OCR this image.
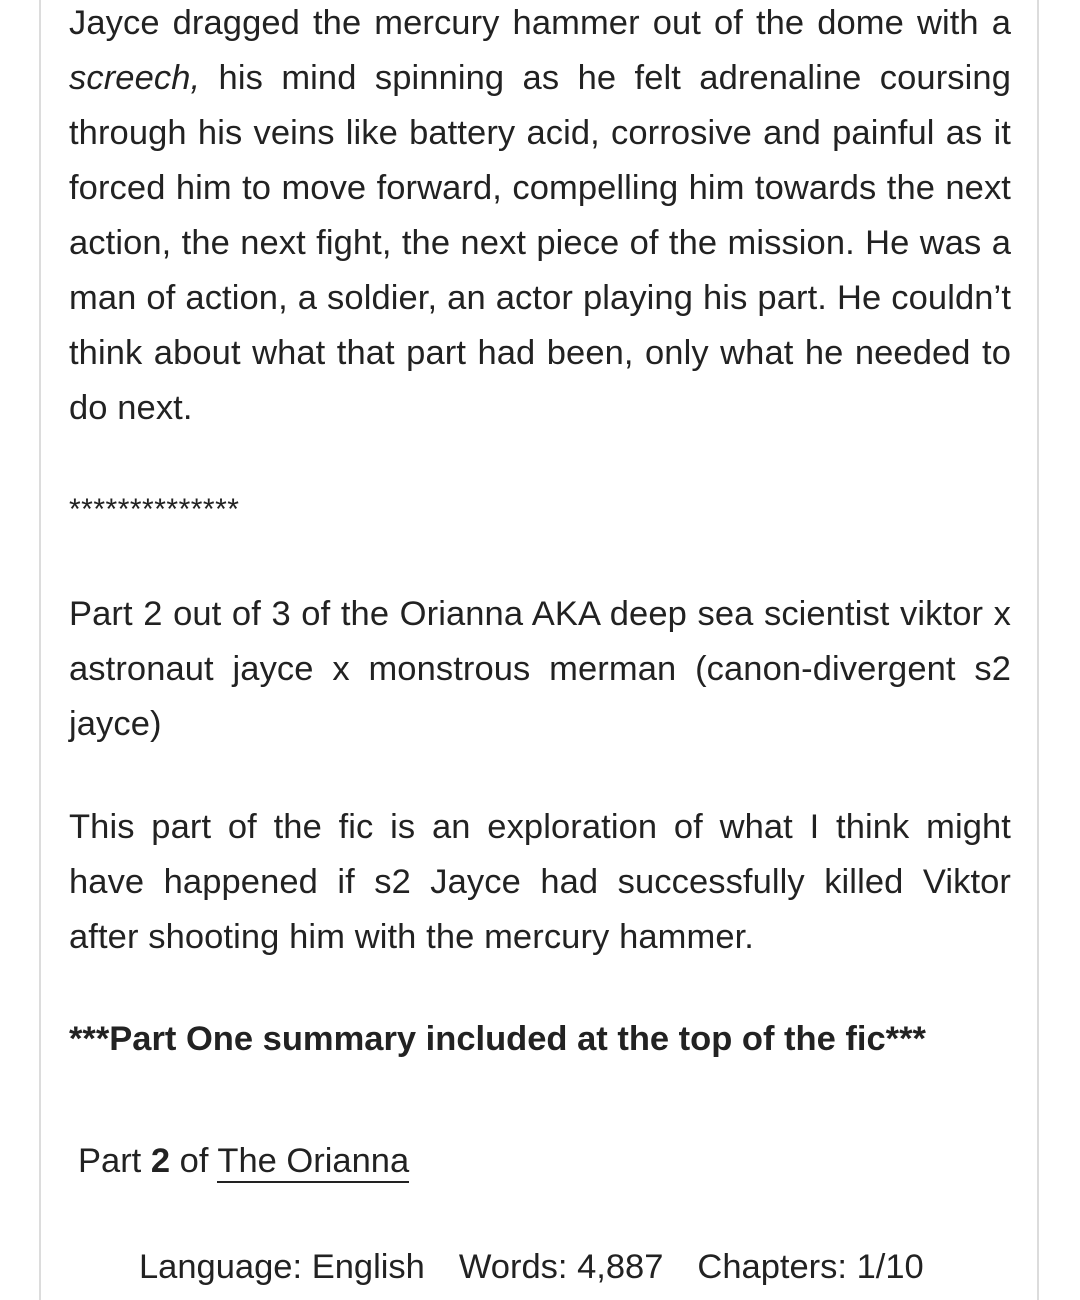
Jayce dragged the mercury hammer out of the dome with a screech, his mind spinning as he felt adrenaline coursing through his veins like battery acid, corrosive and painful as it forced him to move forward, compelling him towards the next action, the next fight, the next piece of the mission. He was a man of action, a soldier, an actor playing his part. He couldn’t think about what that part had been, only what he needed to do next.
**************
Part 2 out of 3 of the Orianna AKA deep sea scientist viktor x astronaut jayce x monstrous merman (canon-divergent s2 jayce)
This part of the fic is an exploration of what I think might have happened if s2 Jayce had successfully killed Viktor after shooting him with the mercury hammer.
***Part One summary included at the top of the fic***
Part 2 of The Orianna
Language: English Words: 4,887 Chapters: 1/10
